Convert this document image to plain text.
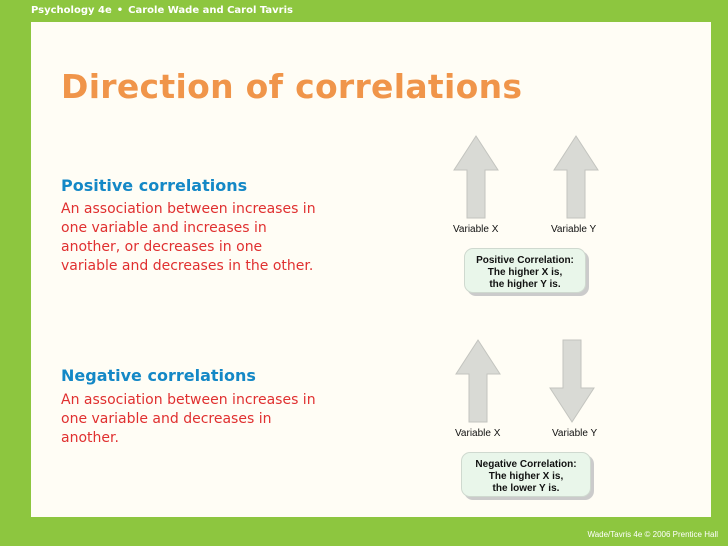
Psychology 4e • Carole Wade and Carol Tavris
Direction of correlations
Positive correlations
An association between increases in one variable and increases in another, or decreases in one variable and decreases in the other.
Negative correlations
An association between increases in one variable and decreases in another.
Variable X	Variable Y
Positive Correlation:
The higher X is,
the higher Y is.
Variable X	Variable Y
Negative Correlation:
The higher X is,
the lower Y is.
Wade/Tavris 4e © 2006 Prentice Hall
